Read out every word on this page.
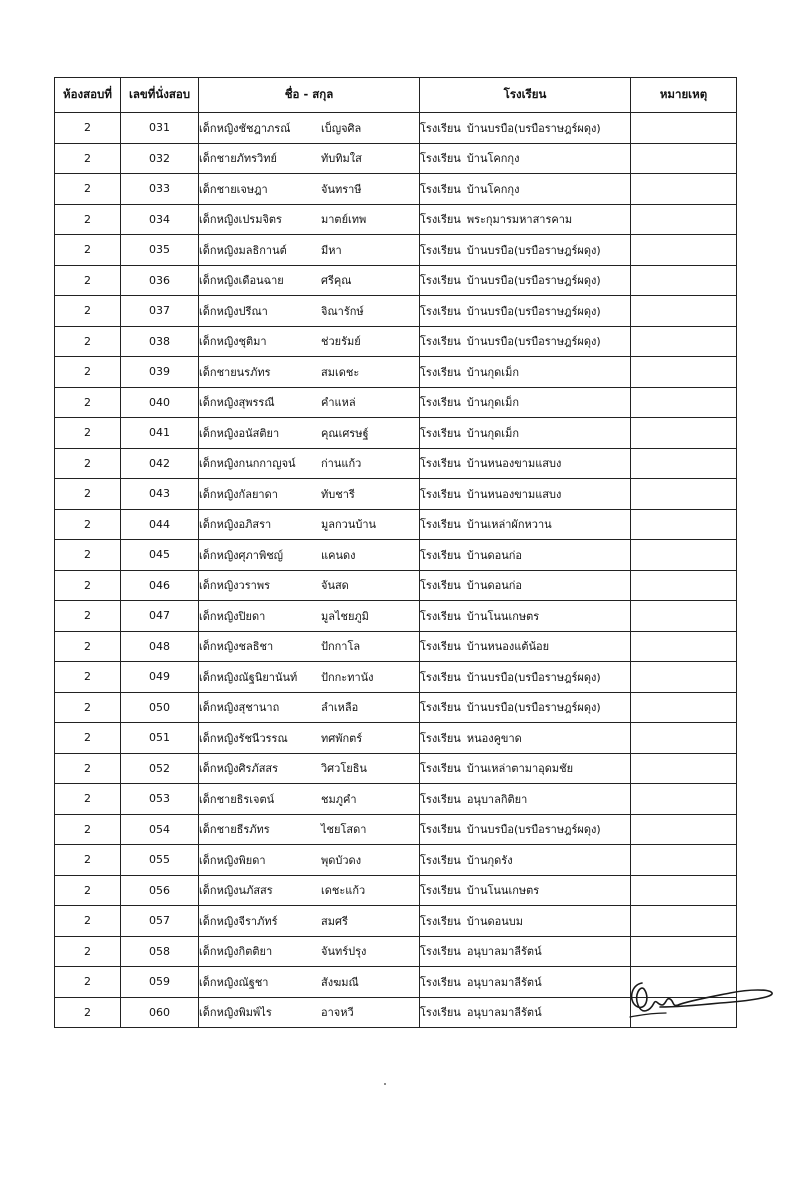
ห้องสอบที่	เลขที่นั่งสอบ	ชื่อ - สกุล	โรงเรียน	หมายเหตุ
2	031	เด็กหญิงชัชฎาภรณ์ เบ็ญจศิล	โรงเรียน บ้านบรบือ(บรบือราษฎร์ผดุง)	
2	032	เด็กชายภัทรวิทย์ ทับทิมใส	โรงเรียน บ้านโคกกุง	
2	033	เด็กชายเจษฎา จันทราษี	โรงเรียน บ้านโคกกุง	
2	034	เด็กหญิงเปรมจิตร มาตย์เทพ	โรงเรียน พระกุมารมหาสารคาม	
2	035	เด็กหญิงมลธิกานต์ มีหา	โรงเรียน บ้านบรบือ(บรบือราษฎร์ผดุง)	
2	036	เด็กหญิงเดือนฉาย ศรีคุณ	โรงเรียน บ้านบรบือ(บรบือราษฎร์ผดุง)	
2	037	เด็กหญิงปรีณา จิณารักษ์	โรงเรียน บ้านบรบือ(บรบือราษฎร์ผดุง)	
2	038	เด็กหญิงชุติมา ช่วยรัมย์	โรงเรียน บ้านบรบือ(บรบือราษฎร์ผดุง)	
2	039	เด็กชายนรภัทร สมเดชะ	โรงเรียน บ้านกุดเม็ก	
2	040	เด็กหญิงสุพรรณี คำแหล่	โรงเรียน บ้านกุดเม็ก	
2	041	เด็กหญิงอนัสติยา คุณเศรษฐ์	โรงเรียน บ้านกุดเม็ก	
2	042	เด็กหญิงกนกกาญจน์ ก่านแก้ว	โรงเรียน บ้านหนองขามแสบง	
2	043	เด็กหญิงกัลยาดา ทับชารี	โรงเรียน บ้านหนองขามแสบง	
2	044	เด็กหญิงอภิสรา มูลกวนบ้าน	โรงเรียน บ้านเหล่าผักหวาน	
2	045	เด็กหญิงศุภาพิชญ์ แคนดง	โรงเรียน บ้านดอนก่อ	
2	046	เด็กหญิงวราพร จันสด	โรงเรียน บ้านดอนก่อ	
2	047	เด็กหญิงปิยดา มูลไชยภูมิ	โรงเรียน บ้านโนนเกษตร	
2	048	เด็กหญิงชลธิชา ปักกาโล	โรงเรียน บ้านหนองแต้น้อย	
2	049	เด็กหญิงณัฐนิยานันท์ ปักกะทานัง	โรงเรียน บ้านบรบือ(บรบือราษฎร์ผดุง)	
2	050	เด็กหญิงสุชานาถ ลำเหลือ	โรงเรียน บ้านบรบือ(บรบือราษฎร์ผดุง)	
2	051	เด็กหญิงรัชนีวรรณ ทศพักตร์	โรงเรียน หนองคูขาด	
2	052	เด็กหญิงศิรภัสสร วิศวโยธิน	โรงเรียน บ้านเหล่าตามาอุดมชัย	
2	053	เด็กชายธิรเจตน์ ชมภูคำ	โรงเรียน อนุบาลกิติยา	
2	054	เด็กชายธีรภัทร ไชยโสดา	โรงเรียน บ้านบรบือ(บรบือราษฎร์ผดุง)	
2	055	เด็กหญิงพิยดา พุดบัวดง	โรงเรียน บ้านกุดรัง	
2	056	เด็กหญิงนภัสสร เดชะแก้ว	โรงเรียน บ้านโนนเกษตร	
2	057	เด็กหญิงจีราภัทร์ สมศรี	โรงเรียน บ้านดอนบม	
2	058	เด็กหญิงกิตติยา จันทร์ปรุง	โรงเรียน อนุบาลมาลีรัตน์	
2	059	เด็กหญิงณัฐชา สังฆมณี	โรงเรียน อนุบาลมาลีรัตน์	
2	060	เด็กหญิงพิมพ์ไร อาจหวี	โรงเรียน อนุบาลมาลีรัตน์	
